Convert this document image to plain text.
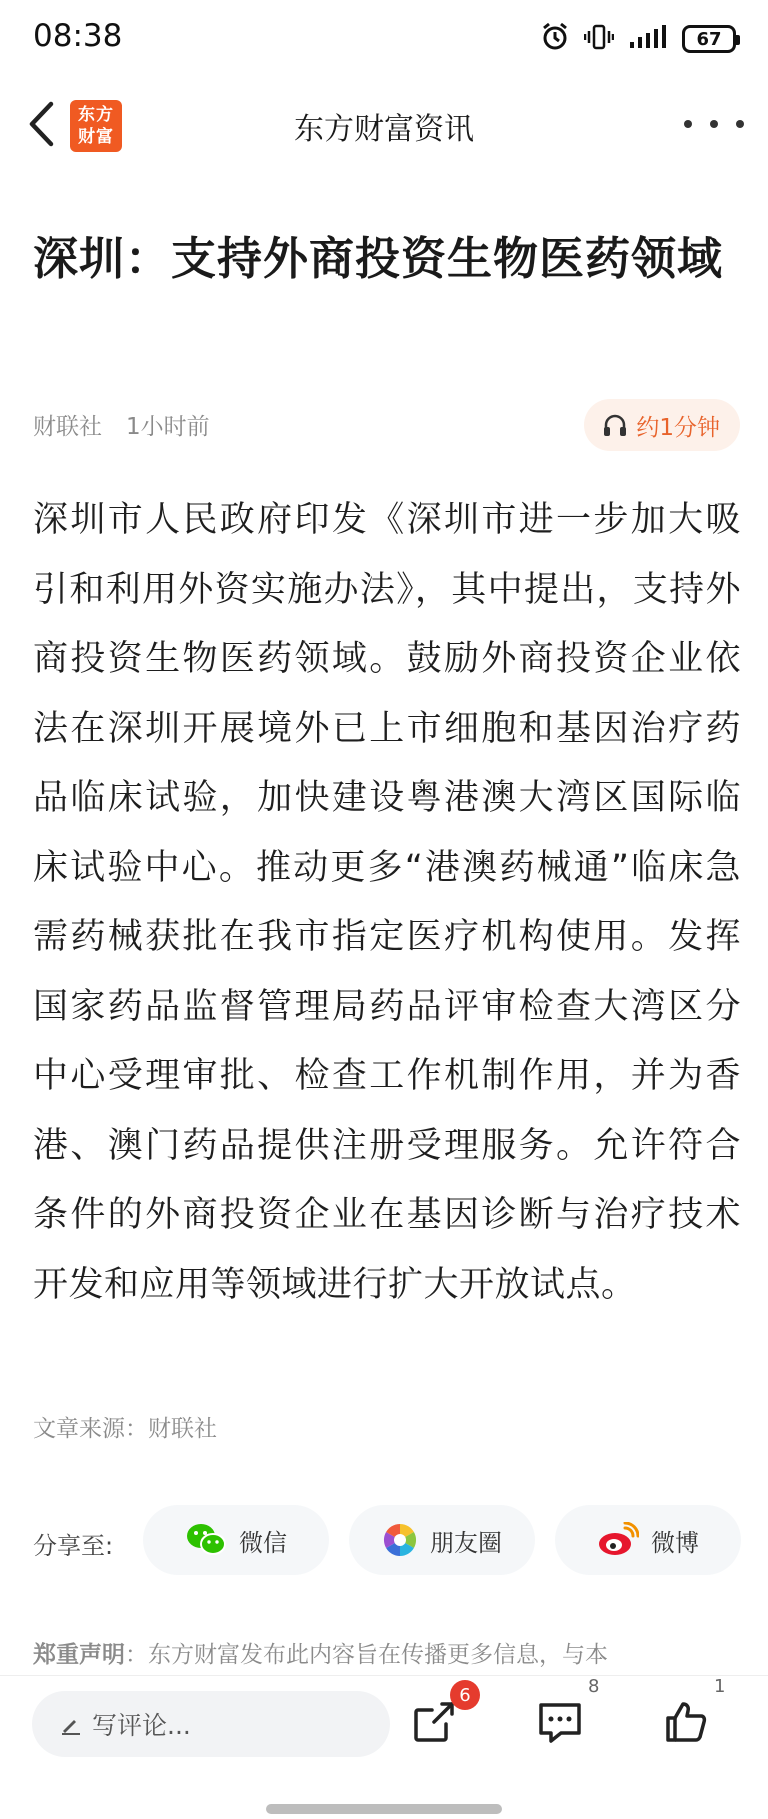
08:38	67
东方
财富	东方财富资讯
深圳：支持外商投资生物医药领域
财联社 1小时前	约1分钟
深圳市人民政府印发《深圳市进一步加大吸引和利用外资实施办法》，其中提出，支持外商投资生物医药领域。鼓励外商投资企业依法在深圳开展境外已上市细胞和基因治疗药品临床试验，加快建设粤港澳大湾区国际临床试验中心。推动更多“港澳药械通”临床急需药械获批在我市指定医疗机构使用。发挥国家药品监督管理局药品评审检查大湾区分中心受理审批、检查工作机制作用，并为香港、澳门药品提供注册受理服务。允许符合条件的外商投资企业在基因诊断与治疗技术开发和应用等领域进行扩大开放试点。
文章来源：财联社
分享至:	微信	朋友圈	微博
郑重声明：东方财富发布此内容旨在传播更多信息，与本
写评论...
6	8	1
